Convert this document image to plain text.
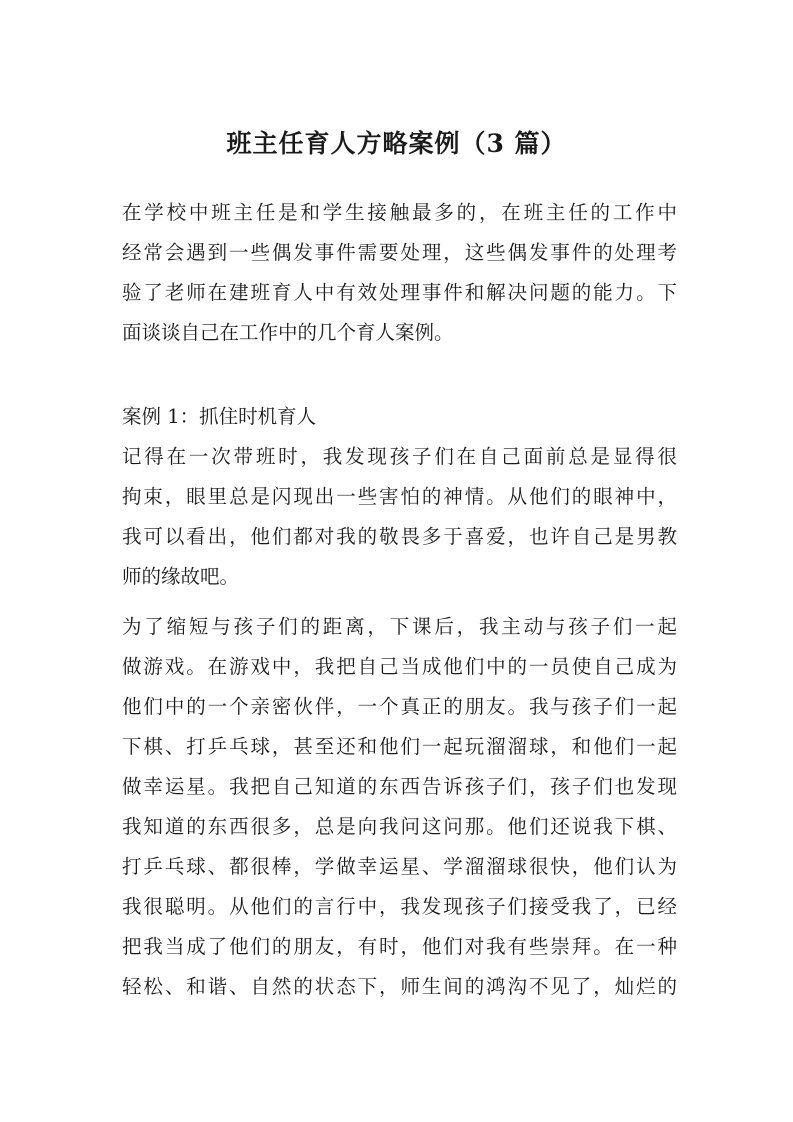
班主任育人方略案例（3 篇）
在学校中班主任是和学生接触最多的，在班主任的工作中
经常会遇到一些偶发事件需要处理，这些偶发事件的处理考
验了老师在建班育人中有效处理事件和解决问题的能力。下
面谈谈自己在工作中的几个育人案例。
案例 1：抓住时机育人
记得在一次带班时，我发现孩子们在自己面前总是显得很
拘束，眼里总是闪现出一些害怕的神情。从他们的眼神中，
我可以看出，他们都对我的敬畏多于喜爱，也许自己是男教
师的缘故吧。
为了缩短与孩子们的距离，下课后，我主动与孩子们一起
做游戏。在游戏中，我把自己当成他们中的一员使自己成为
他们中的一个亲密伙伴，一个真正的朋友。我与孩子们一起
下棋、打乒乓球，甚至还和他们一起玩溜溜球，和他们一起
做幸运星。我把自己知道的东西告诉孩子们，孩子们也发现
我知道的东西很多，总是向我问这问那。他们还说我下棋、
打乒乓球、都很棒，学做幸运星、学溜溜球很快，他们认为
我很聪明。从他们的言行中，我发现孩子们接受我了，已经
把我当成了他们的朋友，有时，他们对我有些崇拜。在一种
轻松、和谐、自然的状态下，师生间的鸿沟不见了，灿烂的
